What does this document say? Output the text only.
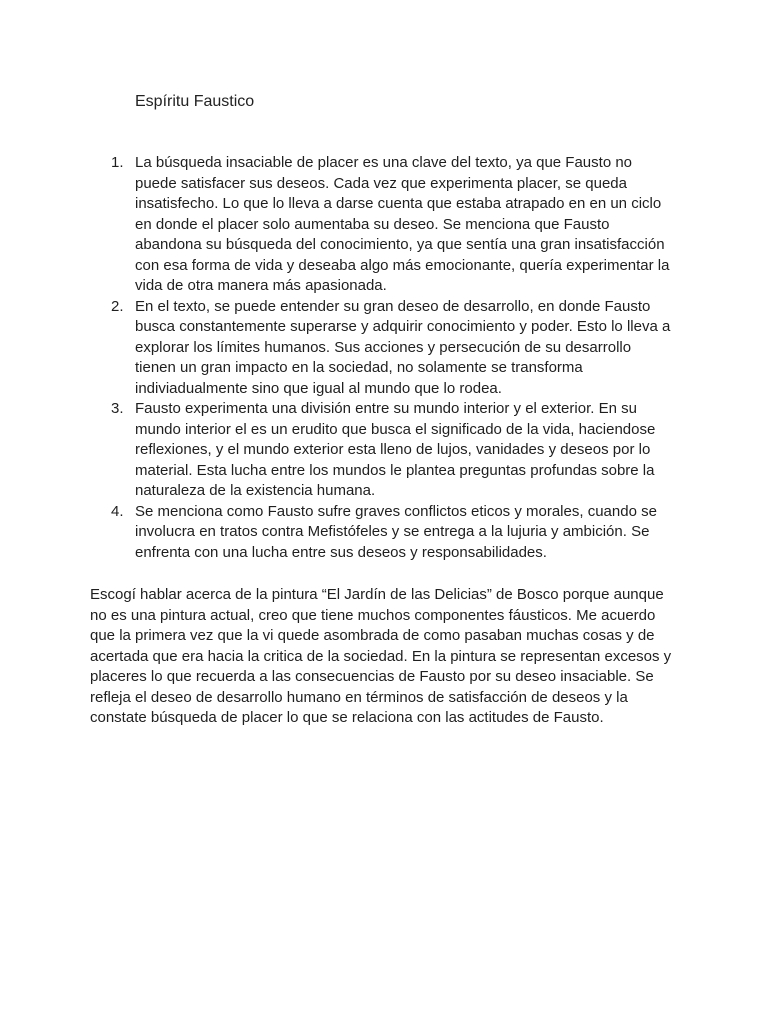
Espíritu Faustico
1. La búsqueda insaciable de placer es una clave del texto, ya que Fausto no puede satisfacer sus deseos. Cada vez que experimenta placer, se queda insatisfecho. Lo que lo lleva a darse cuenta que estaba atrapado en en un ciclo en donde el placer solo aumentaba su deseo. Se menciona que Fausto abandona su búsqueda del conocimiento, ya que sentía una gran insatisfacción con esa forma de vida y deseaba algo más emocionante, quería experimentar la vida de otra manera más apasionada.
2. En el texto, se puede entender su gran deseo de desarrollo, en donde Fausto busca constantemente superarse y adquirir conocimiento y poder. Esto lo lleva a explorar los límites humanos. Sus acciones y persecución de su desarrollo tienen un gran impacto en la sociedad, no solamente se transforma indiviadualmente sino que igual al mundo que lo rodea.
3. Fausto experimenta una división entre su mundo interior y el exterior. En su mundo interior el es un erudito que busca el significado de la vida, haciendose reflexiones, y el mundo exterior esta lleno de lujos, vanidades y deseos por lo material. Esta lucha entre los mundos le plantea preguntas profundas sobre la naturaleza de la existencia humana.
4. Se menciona como Fausto sufre graves conflictos eticos y morales, cuando se involucra en tratos contra Mefistófeles y se entrega a la lujuria y ambición. Se enfrenta con una lucha entre sus deseos y responsabilidades.

Escogí hablar acerca de la pintura “El Jardín de las Delicias” de Bosco porque aunque no es una pintura actual, creo que tiene muchos componentes fáusticos. Me acuerdo que la primera vez que la vi quede asombrada de como pasaban muchas cosas y de acertada que era hacia la critica de la sociedad. En la pintura se representan excesos y placeres lo que recuerda a las consecuencias de Fausto por su deseo insaciable. Se refleja el deseo de desarrollo humano en términos de satisfacción de deseos y la constate búsqueda de placer lo que se relaciona con las actitudes de Fausto.
